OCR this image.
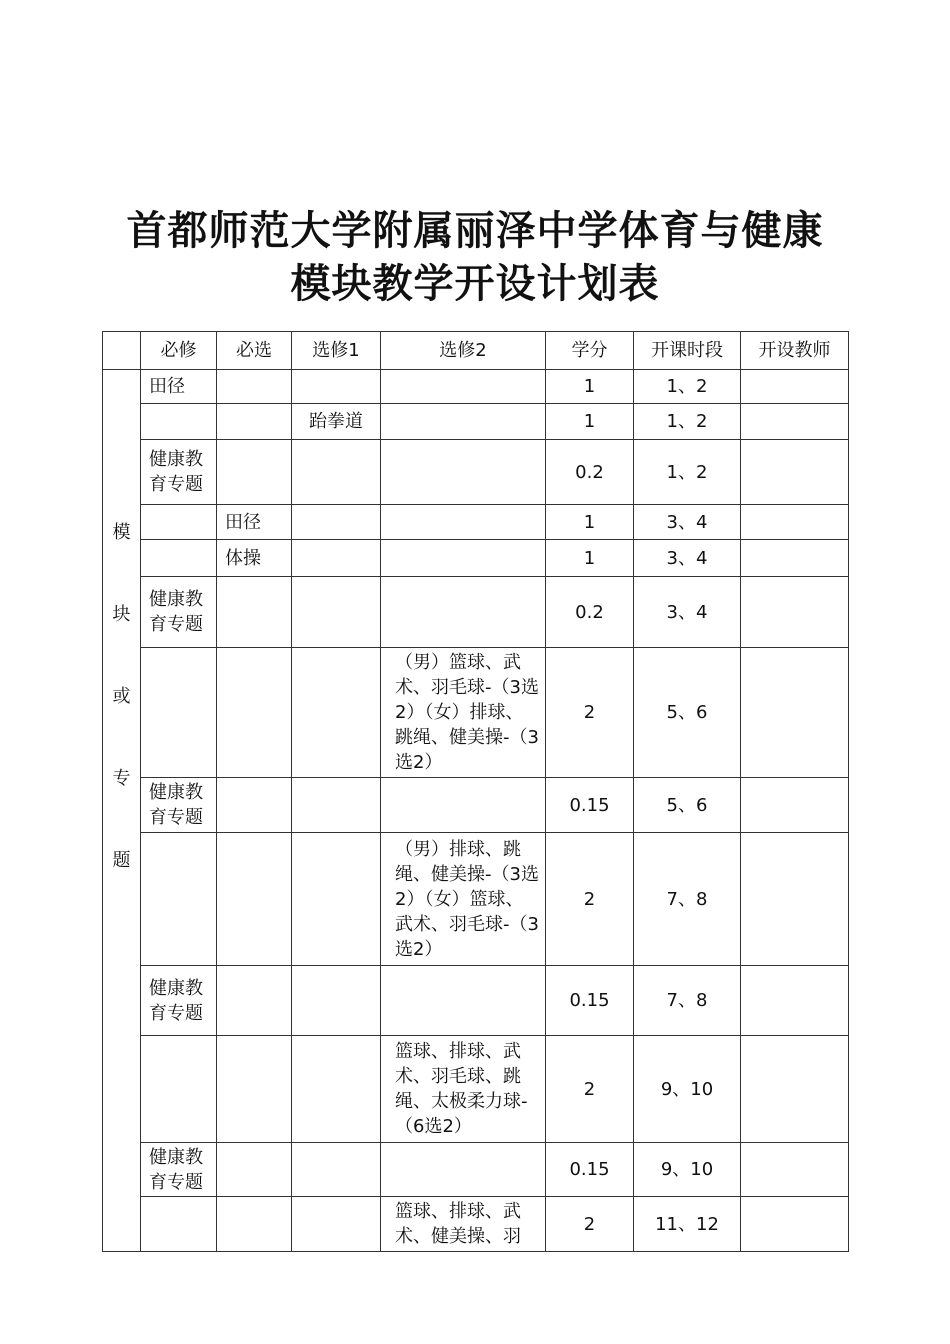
首都师范大学附属丽泽中学体育与健康
模块教学开设计划表
	必修	必选	选修1	选修2	学分	开课时段	开设教师

模
块
或
专
题	田径				1	1、2	
			跆拳道		1	1、2	
	健康教育专题				0.2	1、2	
		田径			1	3、4	
		体操			1	3、4	
	健康教育专题				0.2	3、4	
				（男）篮球、武术、羽毛球-（3选2）（女）排球、跳绳、健美操-（3选2）	2	5、6	
	健康教育专题				0.15	5、6	
				（男）排球、跳绳、健美操-（3选2）（女）篮球、武术、羽毛球-（3选2）	2	7、8	
	健康教育专题				0.15	7、8	
				篮球、排球、武术、羽毛球、跳绳、太极柔力球-（6选2）	2	9、10	
	健康教育专题				0.15	9、10	
				篮球、排球、武术、健美操、羽	2	11、12	
